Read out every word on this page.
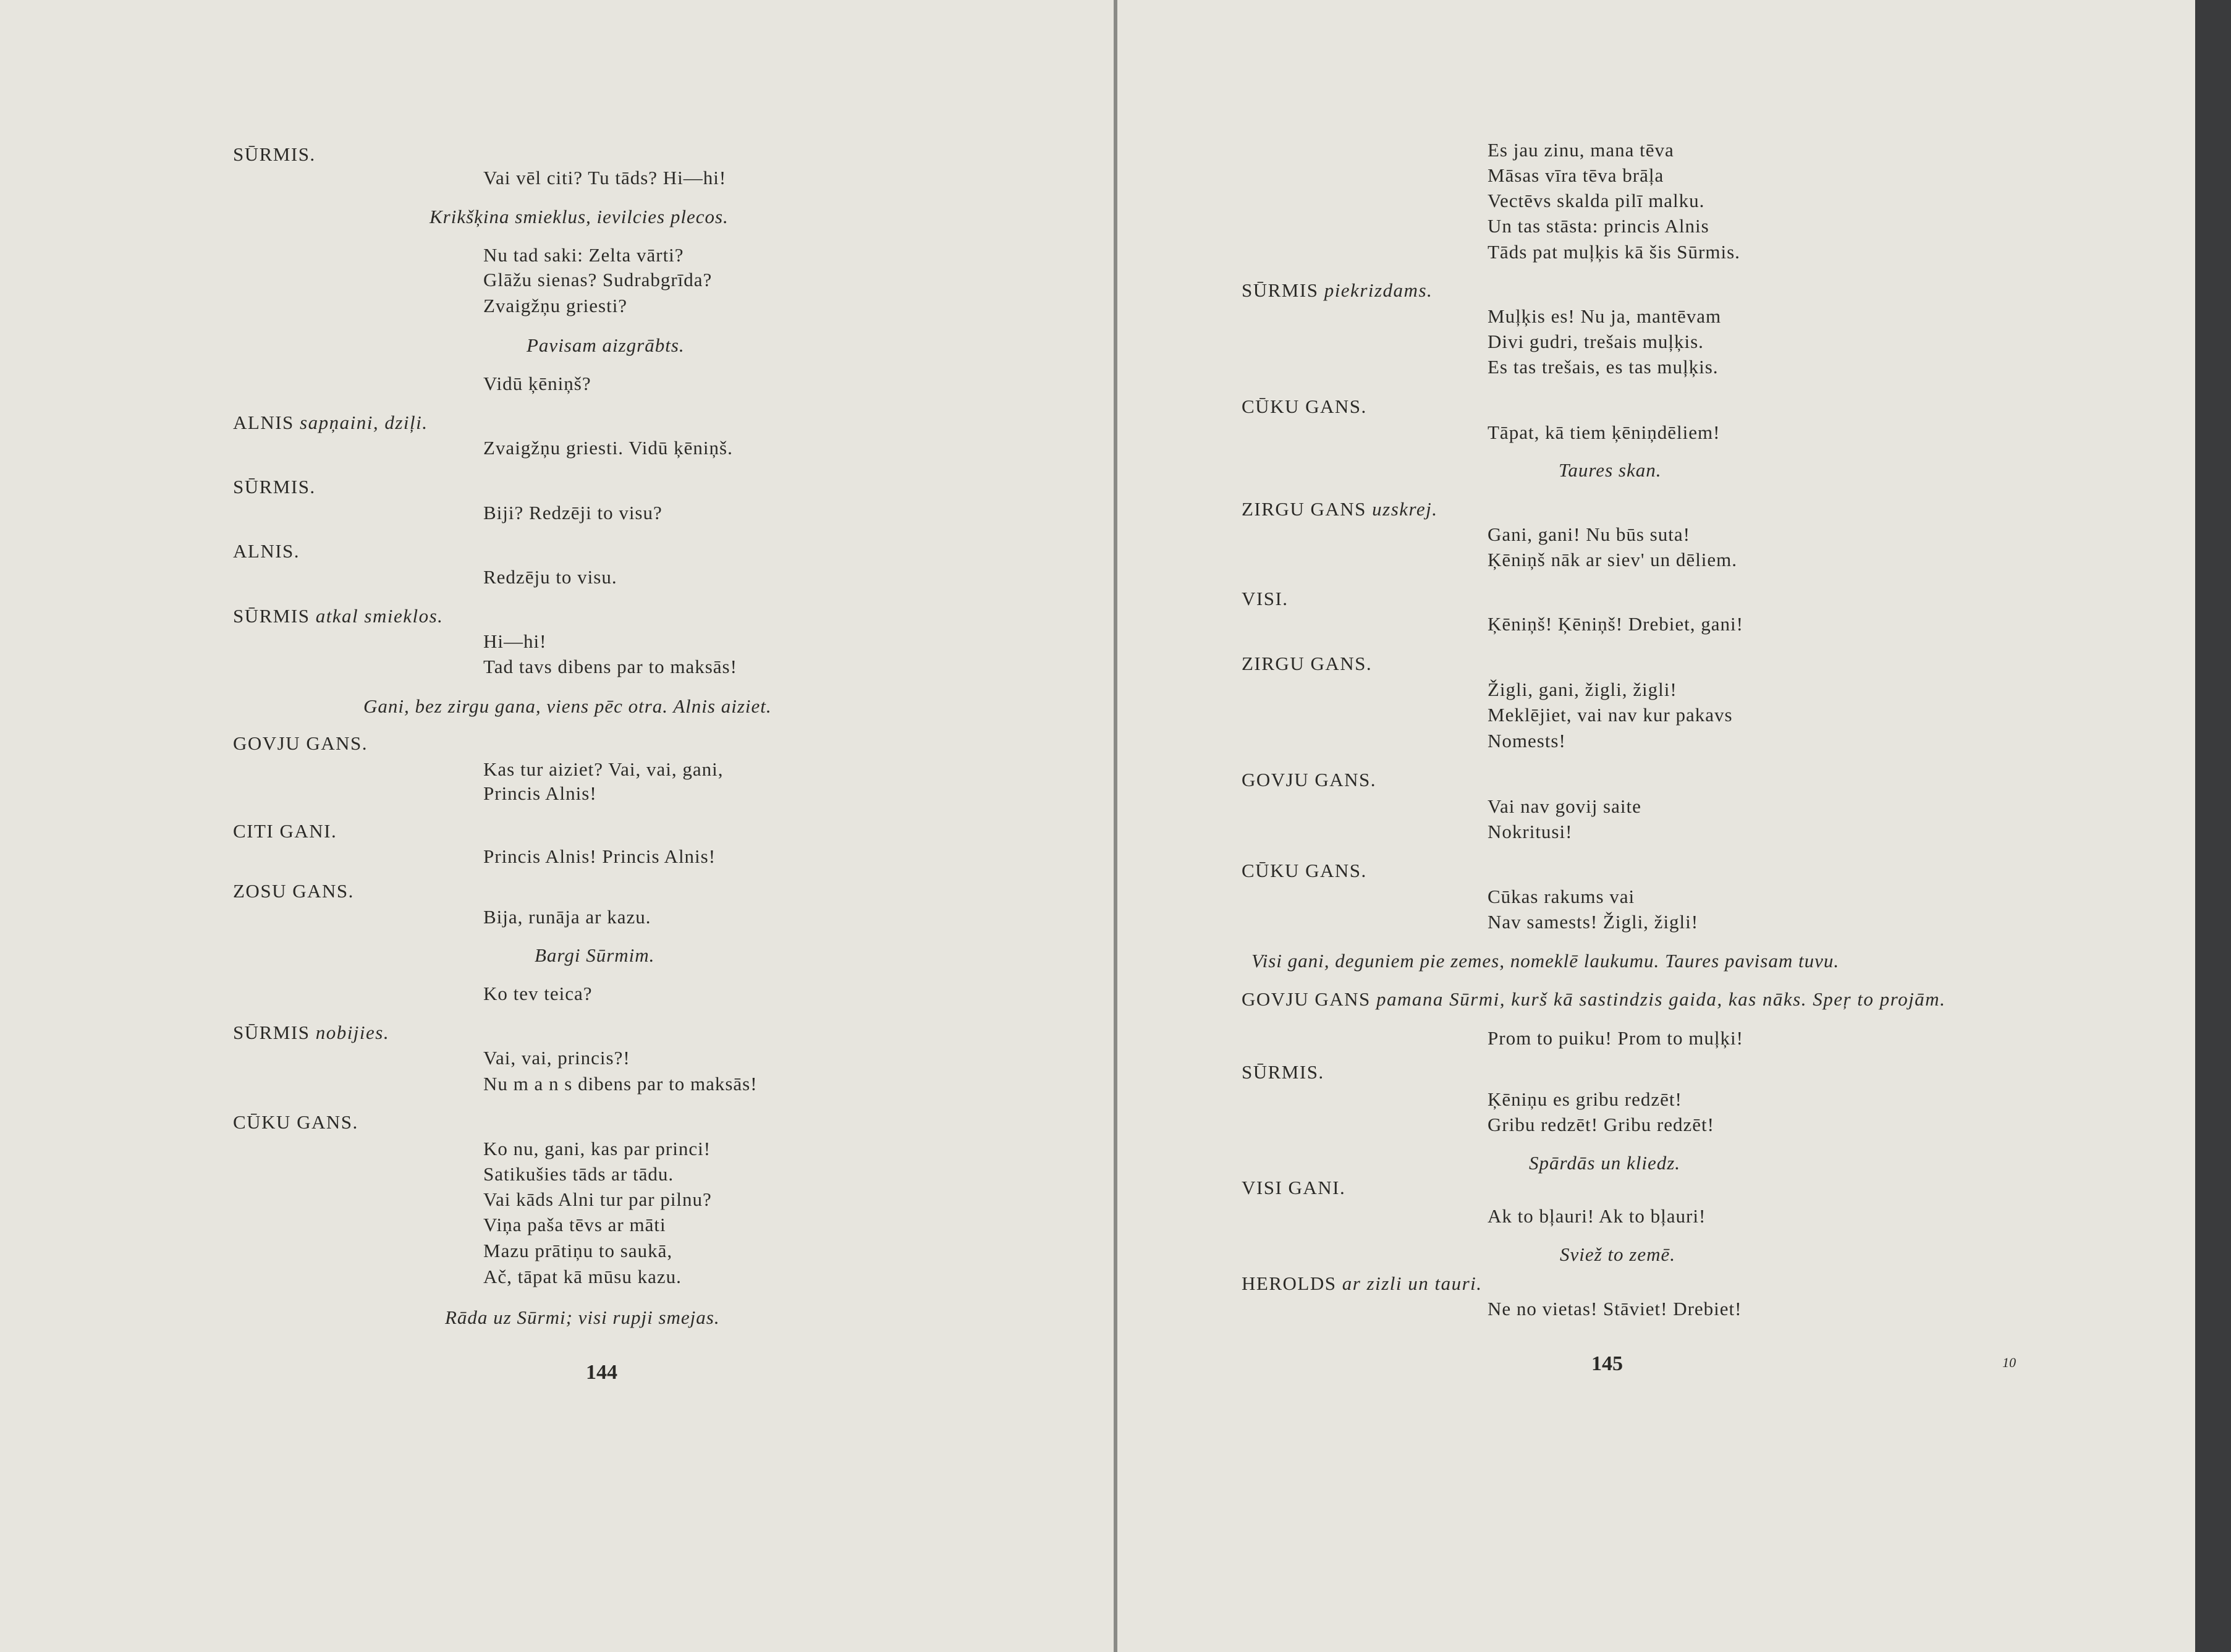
SŪRMIS.
Vai vēl citi? Tu tāds? Hi—hi!
Krikšķina smieklus, ievilcies plecos.
Nu tad saki: Zelta vārti?
Glāžu sienas? Sudrabgrīda?
Zvaigžņu griesti?
Pavisam aizgrābts.
Vidū ķēniņš?
ALNIS sapņaini, dziļi.
Zvaigžņu griesti. Vidū ķēniņš.
SŪRMIS.
Biji? Redzēji to visu?
ALNIS.
Redzēju to visu.
SŪRMIS atkal smieklos.
Hi—hi!
Tad tavs dibens par to maksās!
Gani, bez zirgu gana, viens pēc otra. Alnis aiziet.
GOVJU GANS.
Kas tur aiziet? Vai, vai, gani,
Princis Alnis!
CITI GANI.
Princis Alnis! Princis Alnis!
ZOSU GANS.
Bija, runāja ar kazu.
Bargi Sūrmim.
Ko tev teica?
SŪRMIS nobijies.
Vai, vai, princis?!
Nu m a n s dibens par to maksās!
CŪKU GANS.
Ko nu, gani, kas par princi!
Satikušies tāds ar tādu.
Vai kāds Alni tur par pilnu?
Viņa paša tēvs ar māti
Mazu prātiņu to saukā,
Ač, tāpat kā mūsu kazu.
Rāda uz Sūrmi; visi rupji smejas.
144
Es jau zinu, mana tēva
Māsas vīra tēva brāļa
Vectēvs skalda pilī malku.
Un tas stāsta: princis Alnis
Tāds pat muļķis kā šis Sūrmis.
SŪRMIS piekrizdams.
Muļķis es! Nu ja, mantēvam
Divi gudri, trešais muļķis.
Es tas trešais, es tas muļķis.
CŪKU GANS.
Tāpat, kā tiem ķēniņdēliem!
Taures skan.
ZIRGU GANS uzskrej.
Gani, gani! Nu būs suta!
Ķēniņš nāk ar siev' un dēliem.
VISI.
Ķēniņš! Ķēniņš! Drebiet, gani!
ZIRGU GANS.
Žigli, gani, žigli, žigli!
Meklējiet, vai nav kur pakavs
Nomests!
GOVJU GANS.
Vai nav govij saite
Nokritusi!
CŪKU GANS.
Cūkas rakums vai
Nav samests! Žigli, žigli!
Visi gani, deguniem pie zemes, nomeklē laukumu. Taures pavisam tuvu.
GOVJU GANS pamana Sūrmi, kurš kā sastindzis gaida, kas nāks. Speŗ to projām.
Prom to puiku! Prom to muļķi!
SŪRMIS.
Ķēniņu es gribu redzēt!
Gribu redzēt! Gribu redzēt!
Spārdās un kliedz.
VISI GANI.
Ak to bļauri! Ak to bļauri!
Sviež to zemē.
HEROLDS ar zizli un tauri.
Ne no vietas! Stāviet! Drebiet!
145	10
